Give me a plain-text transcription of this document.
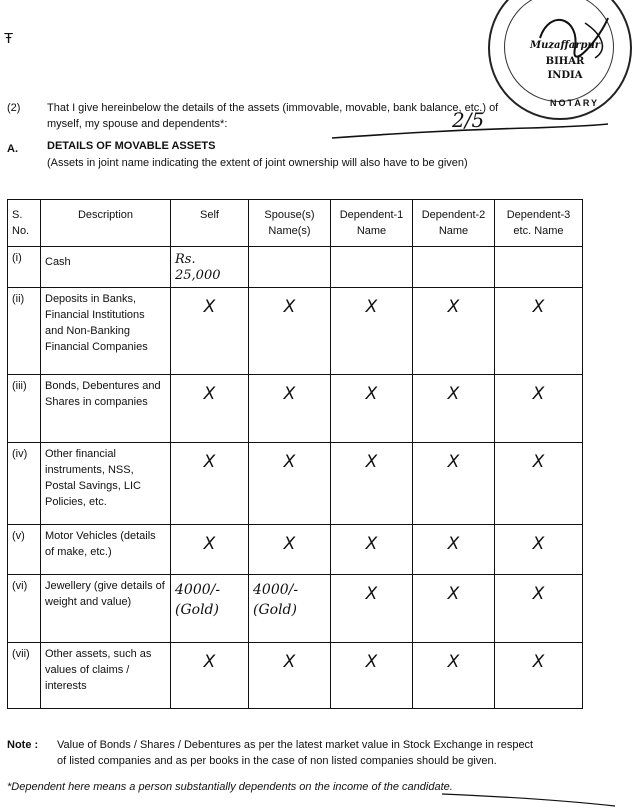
Ŧ	Muzaffarpur
BIHAR
INDIA
NOTARY
(2) That I give hereinbelow the details of the assets (immovable, movable, bank balance, etc.) of
myself, my spouse and dependents*:	2/5
A.	DETAILS OF MOVABLE ASSETS
(Assets in joint name indicating the extent of joint ownership will also have to be given)
S. No.	Description	Self	Spouse(s) Name(s)	Dependent-1 Name	Dependent-2 Name	Dependent-3 etc. Name
(i)	Cash	Rs. 25,000				

(ii)	Deposits in Banks, Financial Institutions and Non-Banking Financial Companies	X	X	X	X	X

(iii)	Bonds, Debentures and Shares in companies	X	X	X	X	X

(iv)	Other financial instruments, NSS, Postal Savings, LIC Policies, etc.	X	X	X	X	X

(v)	Motor Vehicles (details of make, etc.)	X	X	X	X	X

(vi)	Jewellery (give details of weight and value)	4000/- (Gold)	4000/- (Gold)	X	X	X

(vii)	Other assets, such as values of claims / interests	X	X	X	X	X
Note : Value of Bonds / Shares / Debentures as per the latest market value in Stock Exchange in respect
of listed companies and as per books in the case of non listed companies should be given.
*Dependent here means a person substantially dependents on the income of the candidate.
